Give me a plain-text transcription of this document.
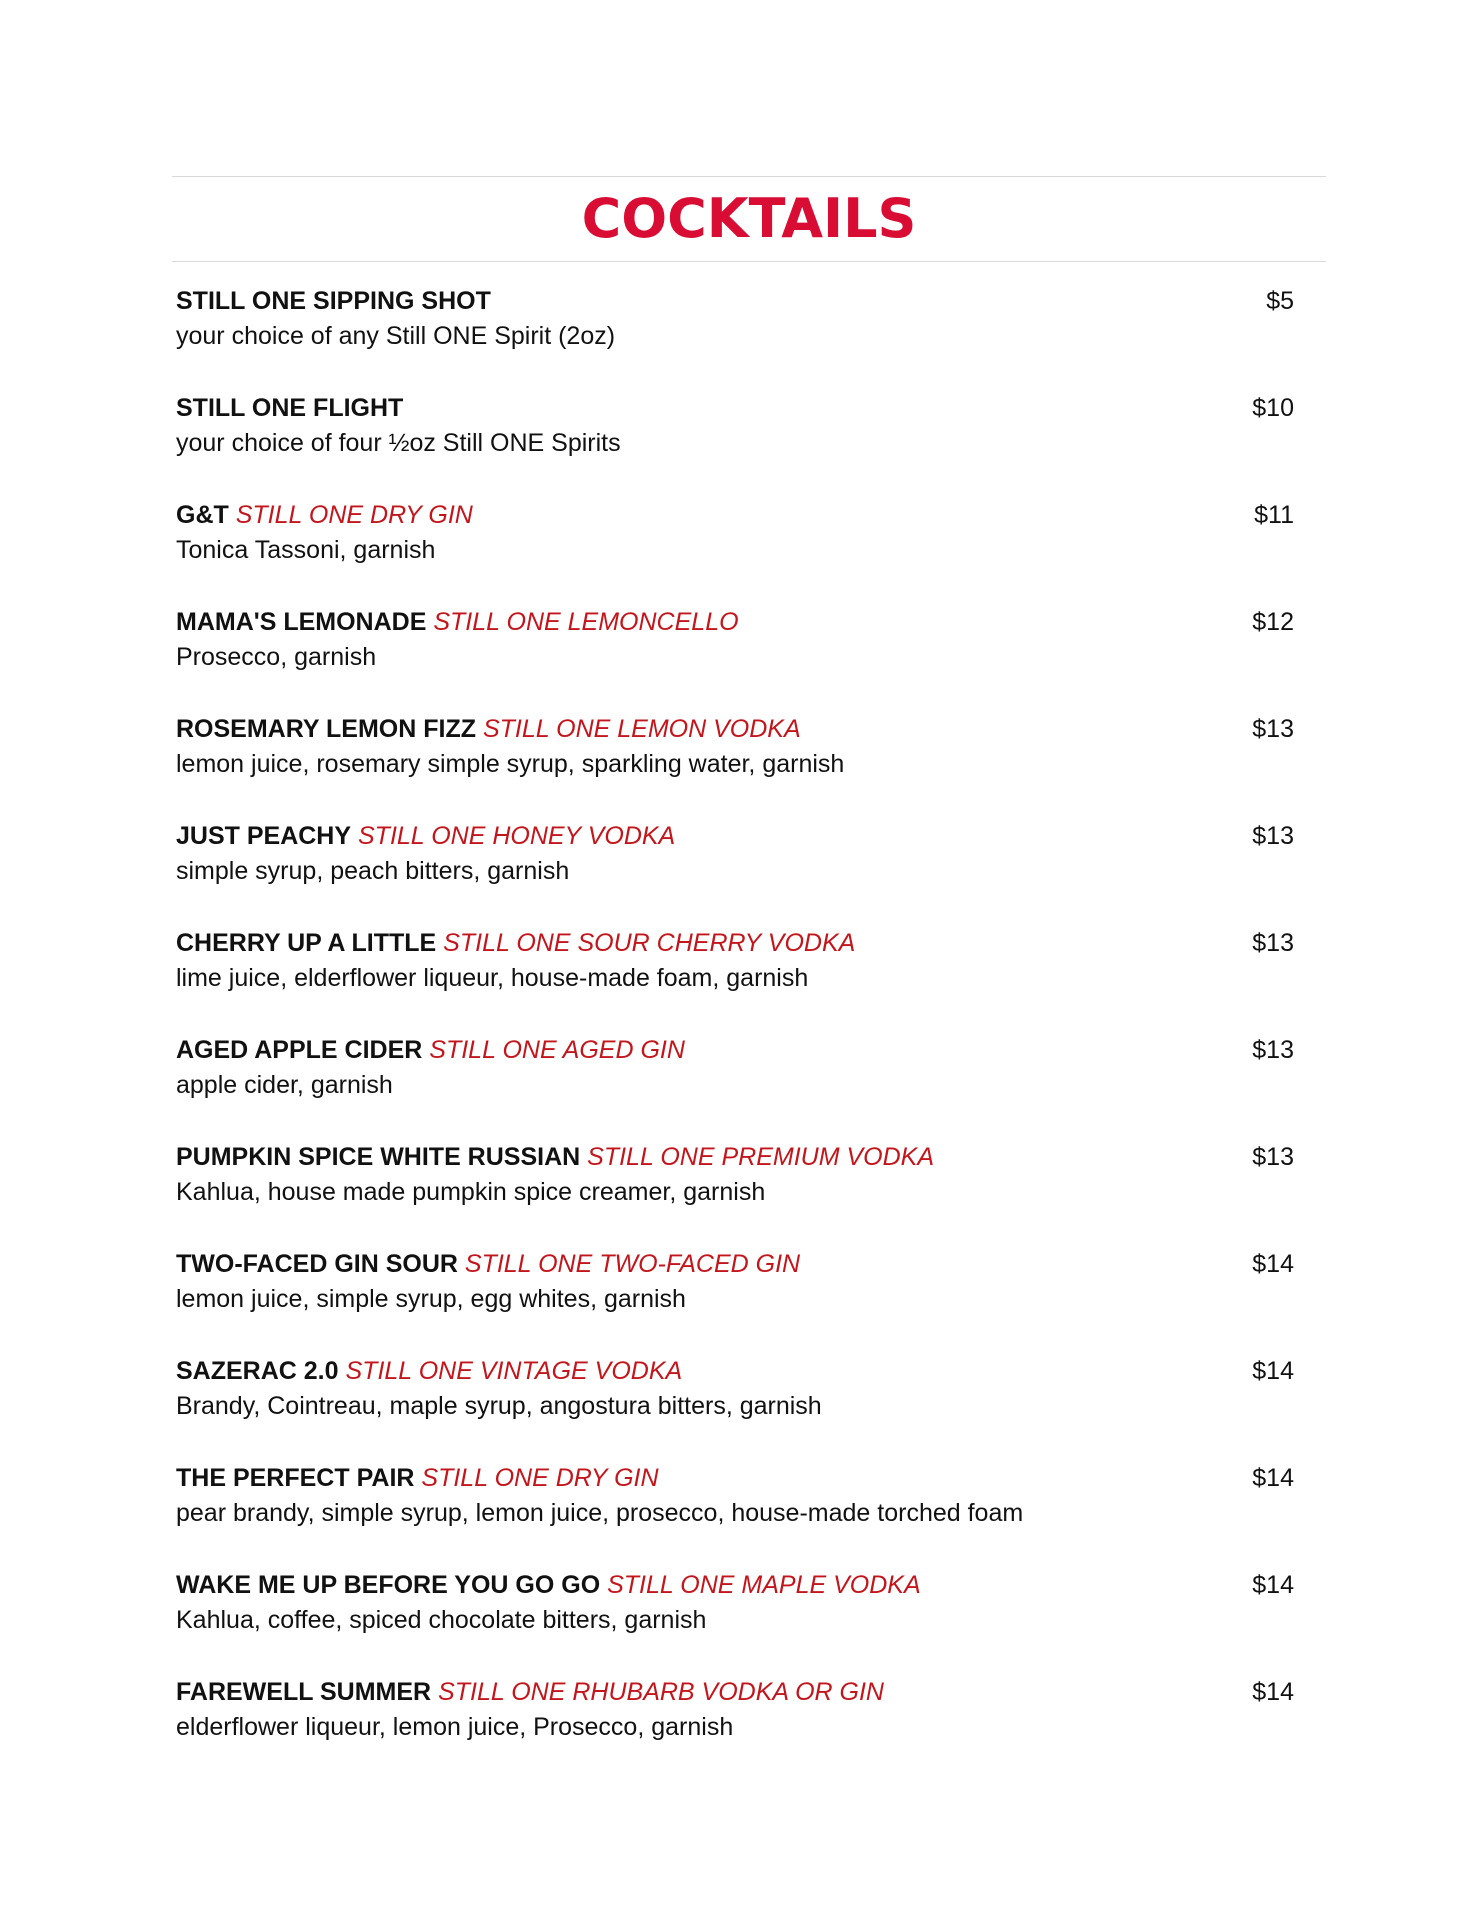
COCKTAILS
STILL ONE SIPPING SHOT	$5
your choice of any Still ONE Spirit (2oz)
STILL ONE FLIGHT	$10
your choice of four ½oz Still ONE Spirits
G&T STILL ONE DRY GIN	$11
Tonica Tassoni, garnish
MAMA'S LEMONADE STILL ONE LEMONCELLO	$12
Prosecco, garnish
ROSEMARY LEMON FIZZ STILL ONE LEMON VODKA	$13
lemon juice, rosemary simple syrup, sparkling water, garnish
JUST PEACHY STILL ONE HONEY VODKA	$13
simple syrup, peach bitters, garnish
CHERRY UP A LITTLE STILL ONE SOUR CHERRY VODKA	$13
lime juice, elderflower liqueur, house-made foam, garnish
AGED APPLE CIDER STILL ONE AGED GIN	$13
apple cider, garnish
PUMPKIN SPICE WHITE RUSSIAN STILL ONE PREMIUM VODKA	$13
Kahlua, house made pumpkin spice creamer, garnish
TWO-FACED GIN SOUR STILL ONE TWO-FACED GIN	$14
lemon juice, simple syrup, egg whites, garnish
SAZERAC 2.0 STILL ONE VINTAGE VODKA	$14
Brandy, Cointreau, maple syrup, angostura bitters, garnish
THE PERFECT PAIR STILL ONE DRY GIN	$14
pear brandy, simple syrup, lemon juice, prosecco, house-made torched foam
WAKE ME UP BEFORE YOU GO GO STILL ONE MAPLE VODKA	$14
Kahlua, coffee, spiced chocolate bitters, garnish
FAREWELL SUMMER STILL ONE RHUBARB VODKA OR GIN	$14
elderflower liqueur, lemon juice, Prosecco, garnish
